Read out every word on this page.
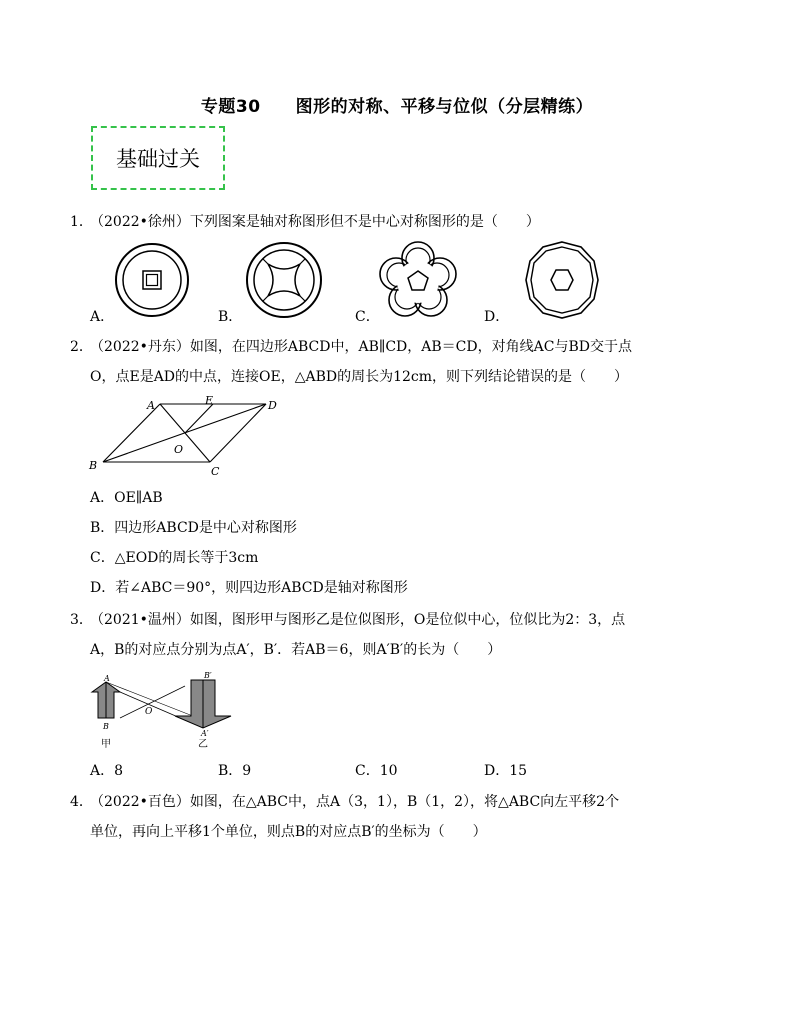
专题30　　图形的对称、平移与位似（分层精练）
基础过关
1．
（2022•徐州）下列图案是轴对称图形但不是中心对称图形的是（　　）
A．	B．	C．	D．
2．
（2022•丹东）如图，在四边形ABCD中，AB∥CD，AB＝CD，对角线AC与BD交于点
O，点E是AD的中点，连接OE，△ABD的周长为12cm，则下列结论错误的是（　　）
A	E	D
O
B	C
A．OE∥AB
B．四边形ABCD是中心对称图形
C．△EOD的周长等于3cm
D．若∠ABC＝90°，则四边形ABCD是轴对称图形
3．
（2021•温州）如图，图形甲与图形乙是位似图形，O是位似中心，位似比为2：3，点
A，B的对应点分别为点A′，B′．若AB＝6，则A′B′的长为（　　）
A
B
O
B′
A′
甲	乙
A．8	B．9	C．10	D．15
4．
（2022•百色）如图，在△ABC中，点A（3，1），B（1，2），将△ABC向左平移2个
单位，再向上平移1个单位，则点B的对应点B′的坐标为（　　）
